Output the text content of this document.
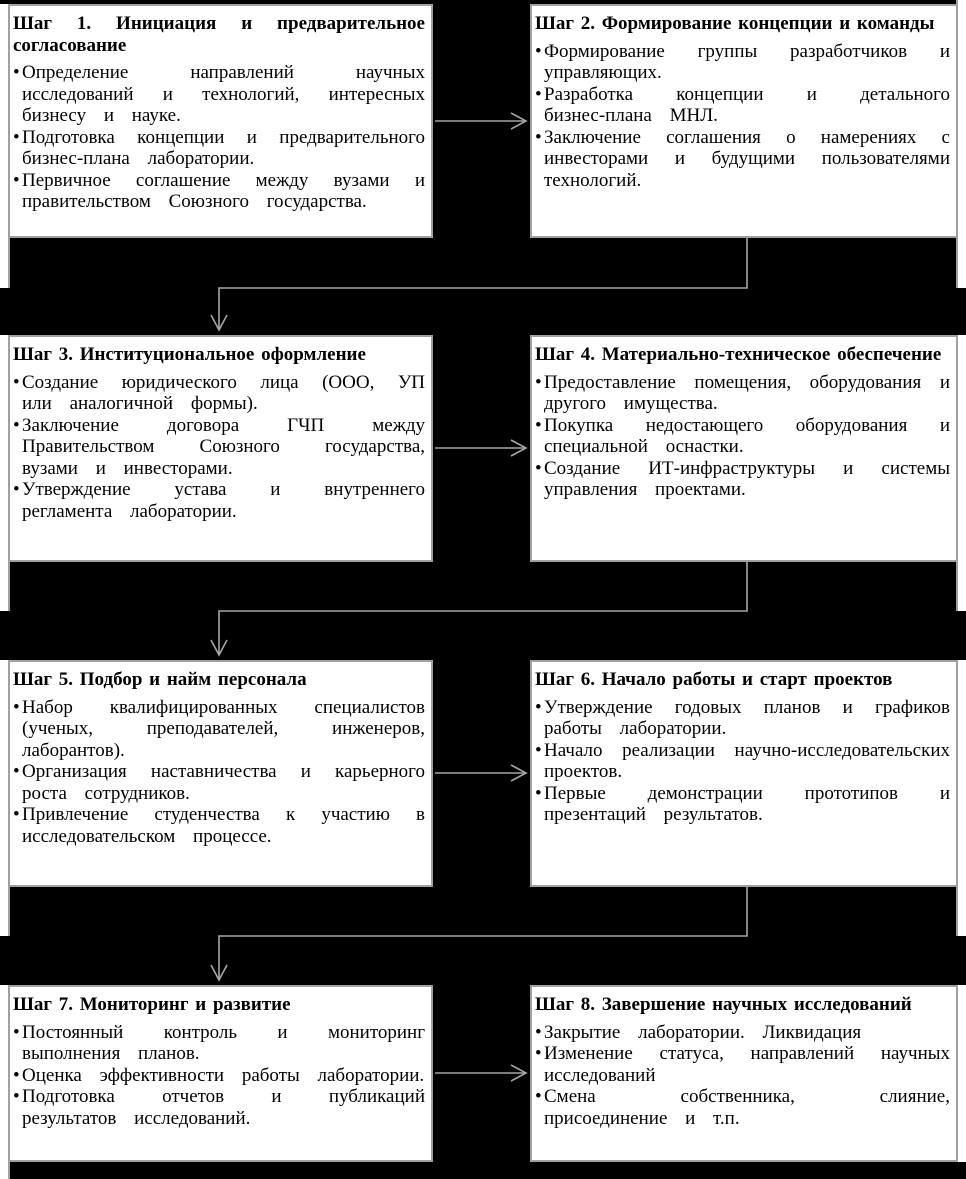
Шаг 1. Инициация и предварительное согласование
• Определение направлений научных исследований и технологий, интересных бизнесу и науке.
• Подготовка концепции и предварительного бизнес-плана лаборатории.
• Первичное соглашение между вузами и правительством Союзного государства.
Шаг 2. Формирование концепции и команды
• Формирование группы разработчиков и управляющих.
• Разработка концепции и детального бизнес-плана МНЛ.
• Заключение соглашения о намерениях с инвесторами и будущими пользователями технологий.
Шаг 3. Институциональное оформление
• Создание юридического лица (ООО, УП или аналогичной формы).
• Заключение договора ГЧП между Правительством Союзного государства, вузами и инвесторами.
• Утверждение устава и внутреннего регламента лаборатории.
Шаг 4. Материально-техническое обеспечение
• Предоставление помещения, оборудования и другого имущества.
• Покупка недостающего оборудования и специальной оснастки.
• Создание ИТ-инфраструктуры и системы управления проектами.
Шаг 5. Подбор и найм персонала
• Набор квалифицированных специалистов (ученых, преподавателей, инженеров, лаборантов).
• Организация наставничества и карьерного роста сотрудников.
• Привлечение студенчества к участию в исследовательском процессе.
Шаг 6. Начало работы и старт проектов
• Утверждение годовых планов и графиков работы лаборатории.
• Начало реализации научно-исследовательских проектов.
• Первые демонстрации прототипов и презентаций результатов.
Шаг 7. Мониторинг и развитие
• Постоянный контроль и мониторинг выполнения планов.
• Оценка эффективности работы лаборатории.
• Подготовка отчетов и публикаций результатов исследований.
Шаг 8. Завершение научных исследований
• Закрытие лаборатории. Ликвидация
• Изменение статуса, направлений научных исследований
• Смена собственника, слияние, присоединение и т.п.
